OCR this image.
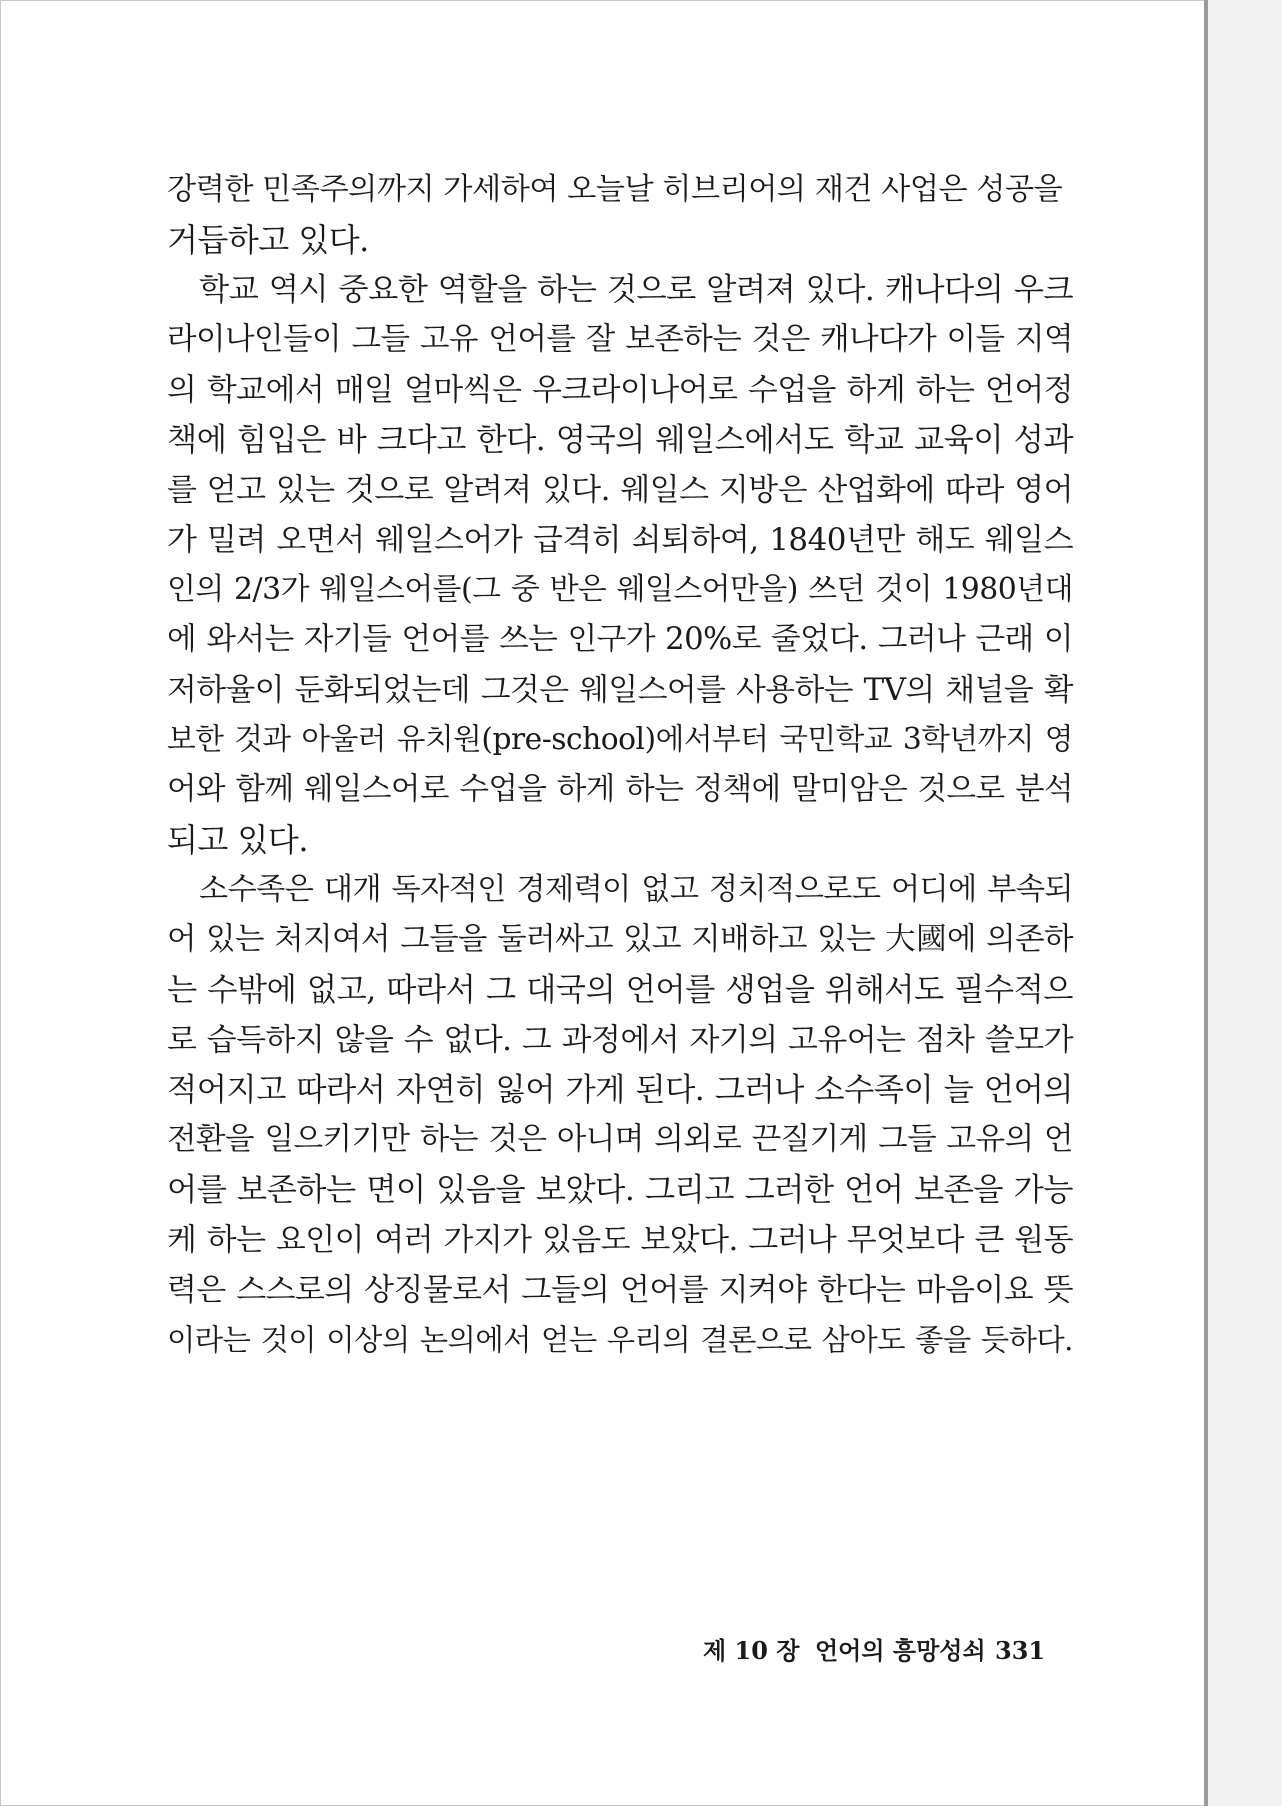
강력한 민족주의까지 가세하여 오늘날 히브리어의 재건 사업은 성공을
거듭하고 있다.
학교 역시 중요한 역할을 하는 것으로 알려져 있다. 캐나다의 우크
라이나인들이 그들 고유 언어를 잘 보존하는 것은 캐나다가 이들 지역
의 학교에서 매일 얼마씩은 우크라이나어로 수업을 하게 하는 언어정
책에 힘입은 바 크다고 한다. 영국의 웨일스에서도 학교 교육이 성과
를 얻고 있는 것으로 알려져 있다. 웨일스 지방은 산업화에 따라 영어
가 밀려 오면서 웨일스어가 급격히 쇠퇴하여, 1840년만 해도 웨일스
인의 2/3가 웨일스어를(그 중 반은 웨일스어만을) 쓰던 것이 1980년대
에 와서는 자기들 언어를 쓰는 인구가 20%로 줄었다. 그러나 근래 이
저하율이 둔화되었는데 그것은 웨일스어를 사용하는 TV의 채널을 확
보한 것과 아울러 유치원(pre-school)에서부터 국민학교 3학년까지 영
어와 함께 웨일스어로 수업을 하게 하는 정책에 말미암은 것으로 분석
되고 있다.
소수족은 대개 독자적인 경제력이 없고 정치적으로도 어디에 부속되
어 있는 처지여서 그들을 둘러싸고 있고 지배하고 있는 大國에 의존하
는 수밖에 없고, 따라서 그 대국의 언어를 생업을 위해서도 필수적으
로 습득하지 않을 수 없다. 그 과정에서 자기의 고유어는 점차 쓸모가
적어지고 따라서 자연히 잃어 가게 된다. 그러나 소수족이 늘 언어의
전환을 일으키기만 하는 것은 아니며 의외로 끈질기게 그들 고유의 언
어를 보존하는 면이 있음을 보았다. 그리고 그러한 언어 보존을 가능
케 하는 요인이 여러 가지가 있음도 보았다. 그러나 무엇보다 큰 원동
력은 스스로의 상징물로서 그들의 언어를 지켜야 한다는 마음이요 뜻
이라는 것이 이상의 논의에서 얻는 우리의 결론으로 삼아도 좋을 듯하다.
제 10 장 언어의 흥망성쇠 331
